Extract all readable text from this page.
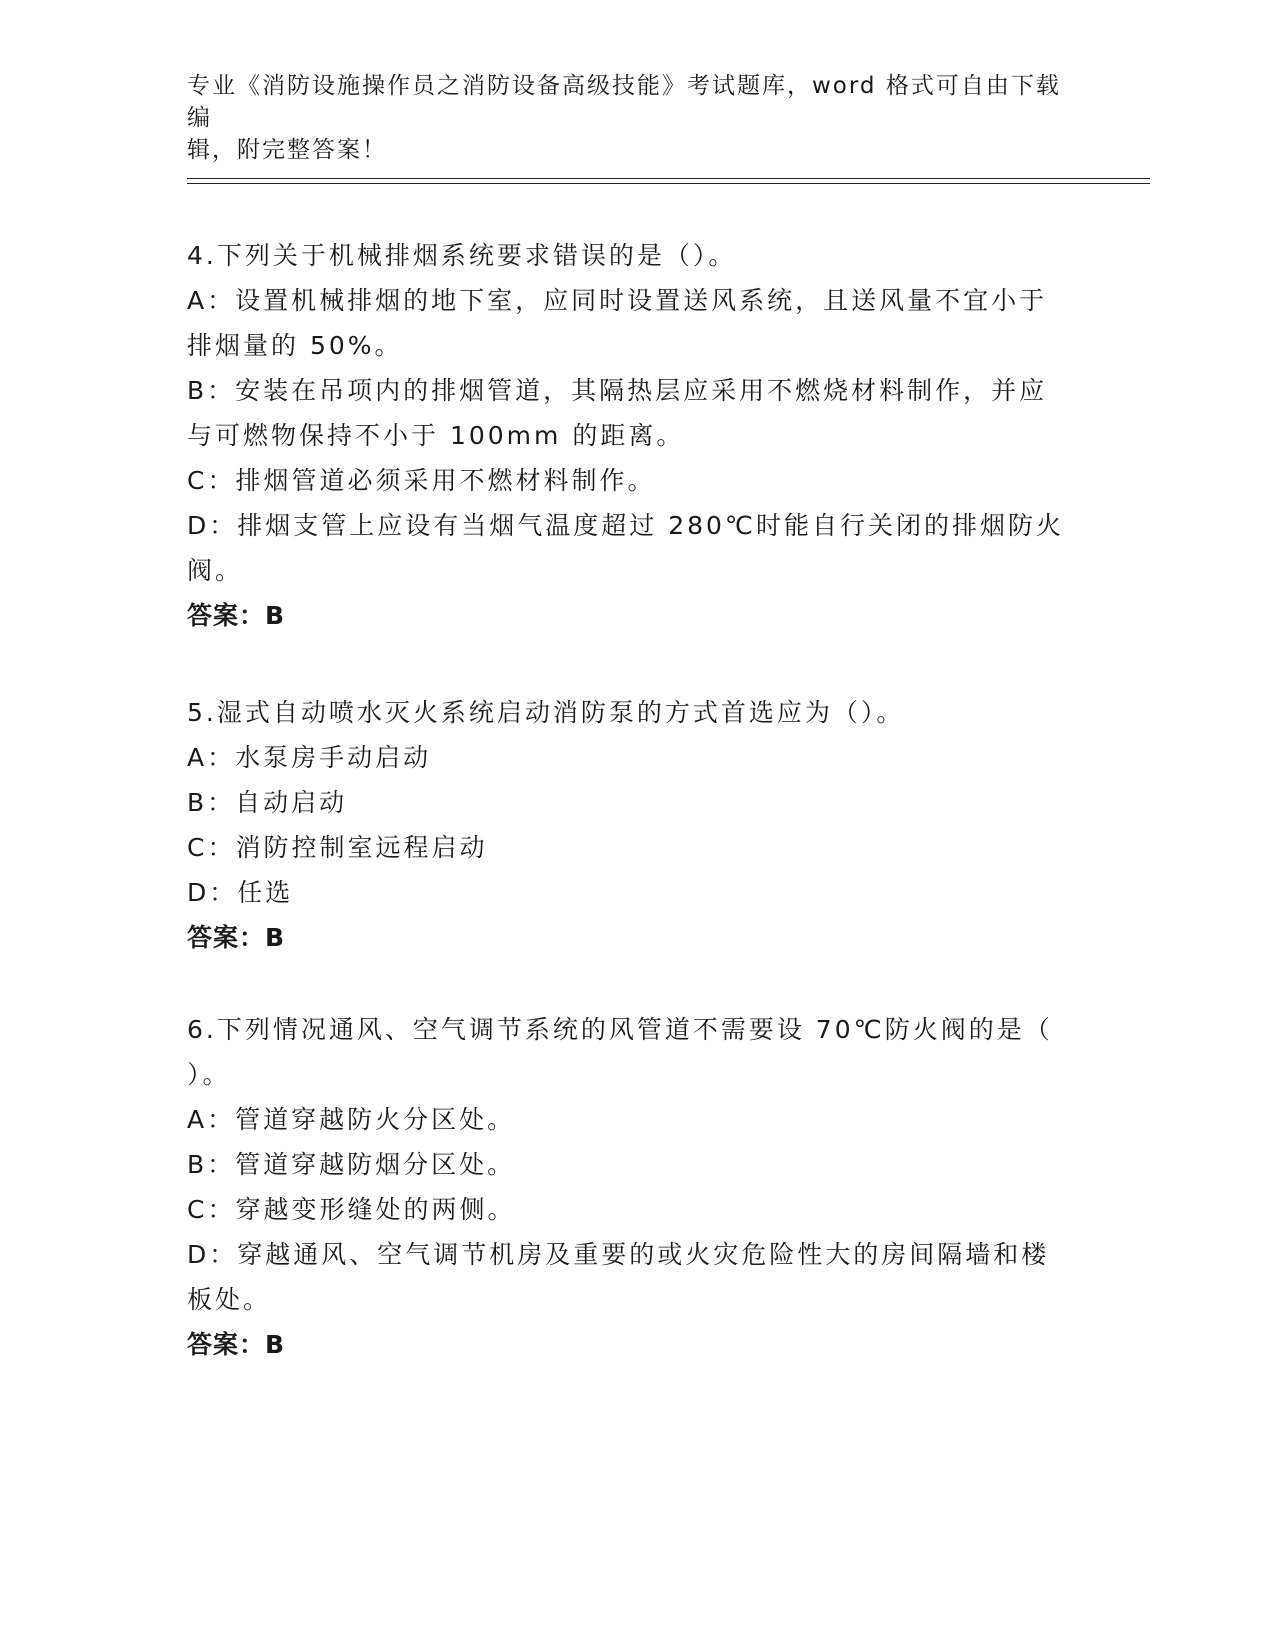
专业《消防设施操作员之消防设备高级技能》考试题库，word 格式可自由下载编
辑，附完整答案！

4.下列关于机械排烟系统要求错误的是（）。

A：设置机械排烟的地下室，应同时设置送风系统，且送风量不宜小于

排烟量的 50%。

B：安装在吊项内的排烟管道，其隔热层应采用不燃烧材料制作，并应

与可燃物保持不小于 100mm 的距离。

C：排烟管道必须采用不燃材料制作。

D：排烟支管上应设有当烟气温度超过 280℃时能自行关闭的排烟防火

阀。

答案：B

5.湿式自动喷水灭火系统启动消防泵的方式首选应为（）。

A：水泵房手动启动

B：自动启动

C：消防控制室远程启动

D：任选

答案：B

6.下列情况通风、空气调节系统的风管道不需要设 70℃防火阀的是（

）。

A：管道穿越防火分区处。

B：管道穿越防烟分区处。

C：穿越变形缝处的两侧。

D：穿越通风、空气调节机房及重要的或火灾危险性大的房间隔墙和楼

板处。

答案：B
